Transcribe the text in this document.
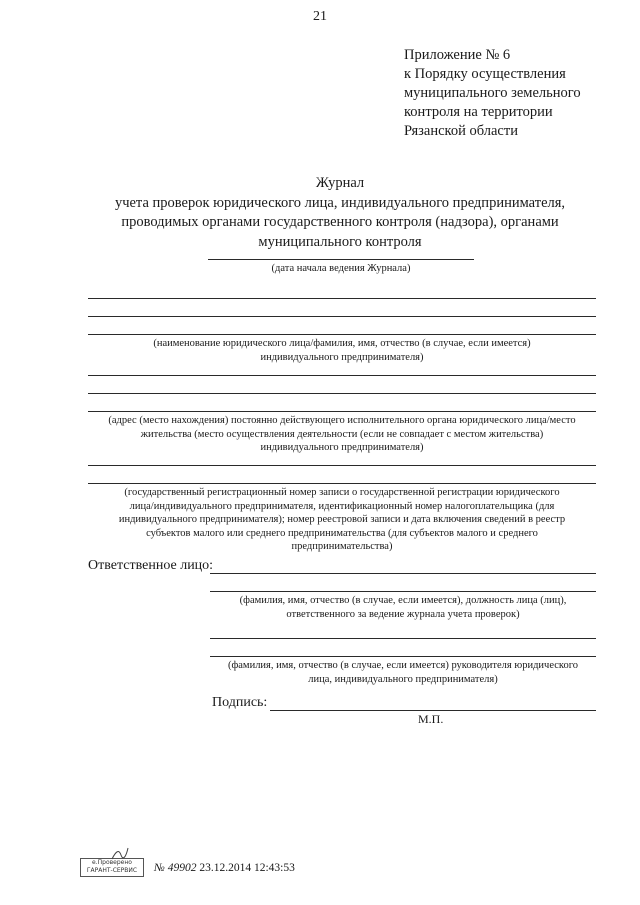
21
Приложение № 6
к Порядку осуществления
муниципального земельного
контроля на территории
Рязанской области
Журнал
учета проверок юридического лица, индивидуального предпринимателя,
проводимых органами государственного контроля (надзора), органами
муниципального контроля
(дата начала ведения Журнала)
(наименование юридического лица/фамилия, имя, отчество (в случае, если имеется)
индивидуального предпринимателя)
(адрес (место нахождения) постоянно действующего исполнительного органа юридического лица/место
жительства (место осуществления деятельности (если не совпадает с местом жительства)
индивидуального предпринимателя)
(государственный регистрационный номер записи о государственной регистрации юридического
лица/индивидуального предпринимателя, идентификационный номер налогоплательщика (для
индивидуального предпринимателя); номер реестровой записи и дата включения сведений в реестр
субъектов малого или среднего предпринимательства (для субъектов малого и среднего
предпринимательства)
Ответственное лицо:
(фамилия, имя, отчество (в случае, если имеется), должность лица (лиц),
ответственного за ведение журнала учета проверок)
(фамилия, имя, отчество (в случае, если имеется) руководителя юридического
лица, индивидуального предпринимателя)
Подпись:
М.П.
e.Проверено
ГАРАНТ-СЕРВИС	№ 49902 23.12.2014 12:43:53
